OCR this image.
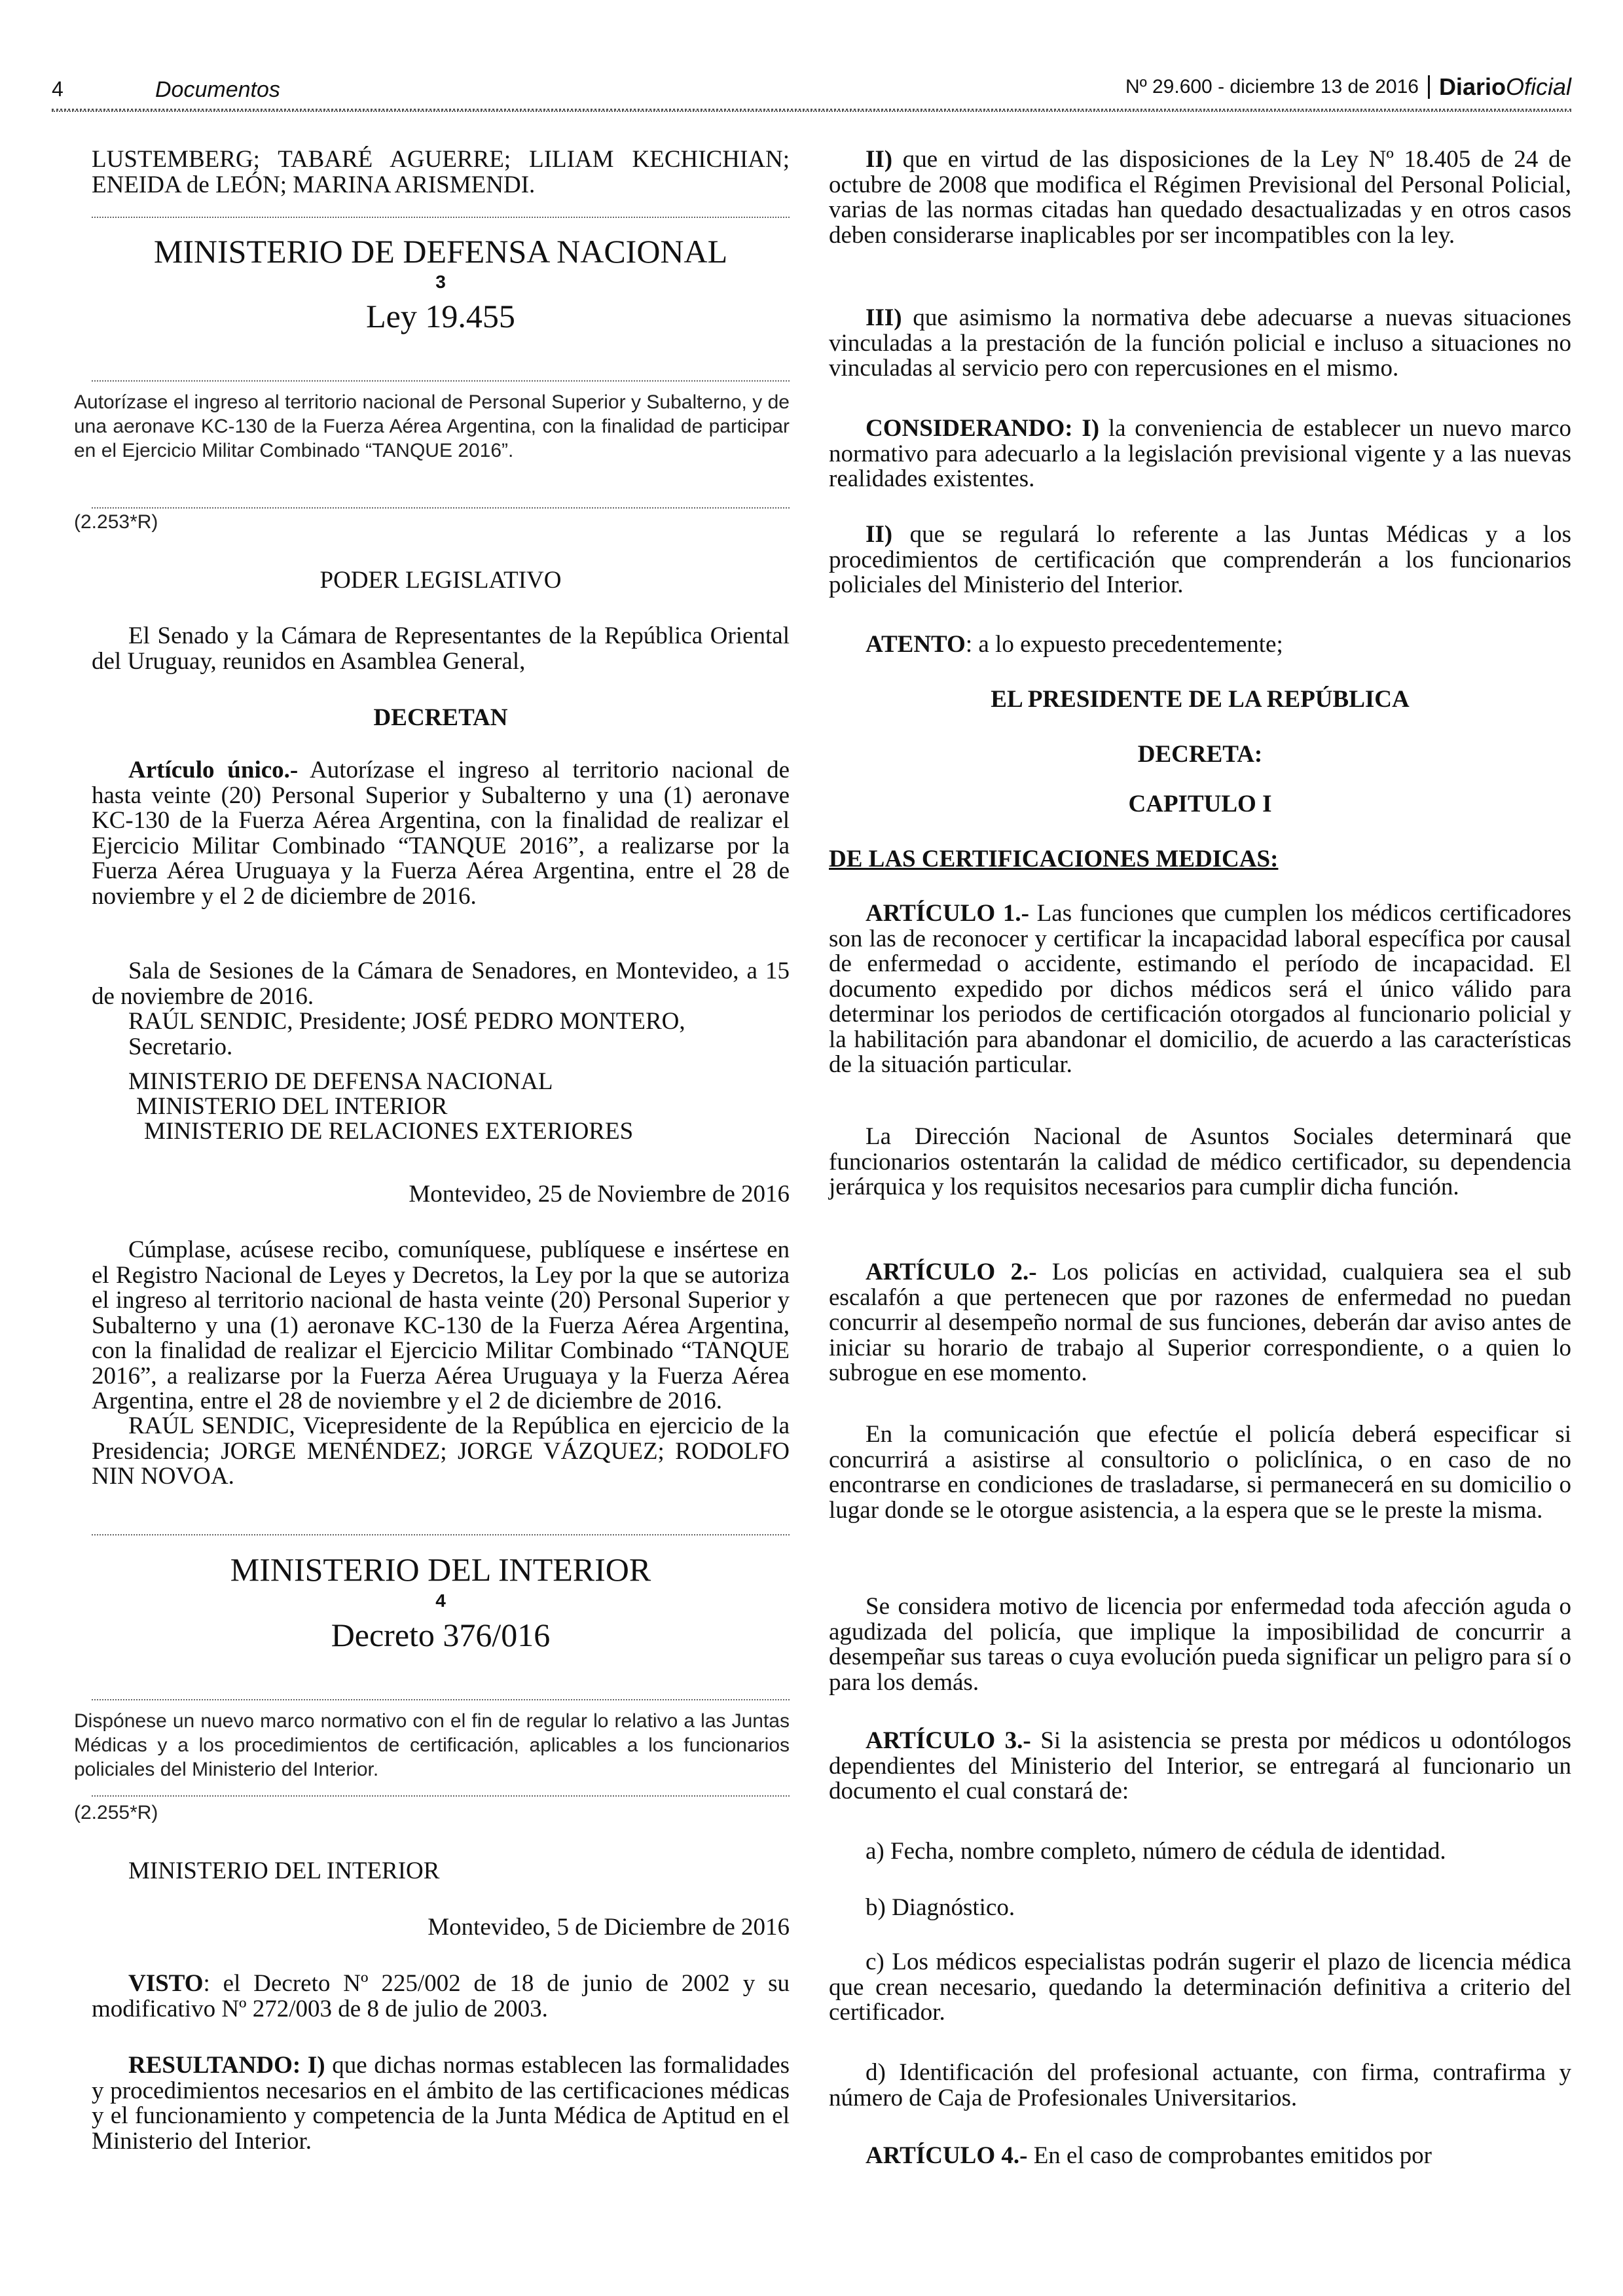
4	Documentos	Nº 29.600 - diciembre 13 de 2016 DiarioOficial
LUSTEMBERG; TABARÉ AGUERRE; LILIAM KECHICHIAN; ENEIDA de LEÓN; MARINA ARISMENDI.
MINISTERIO DE DEFENSA NACIONAL
3
Ley 19.455
Autorízase el ingreso al territorio nacional de Personal Superior y Subalterno, y de una aeronave KC-130 de la Fuerza Aérea Argentina, con la finalidad de participar en el Ejercicio Militar Combinado “TANQUE 2016”.
(2.253*R)
PODER LEGISLATIVO
El Senado y la Cámara de Representantes de la República Oriental del Uruguay, reunidos en Asamblea General,
DECRETAN
Artículo único.- Autorízase el ingreso al territorio nacional de hasta veinte (20) Personal Superior y Subalterno y una (1) aeronave KC-130 de la Fuerza Aérea Argentina, con la finalidad de realizar el Ejercicio Militar Combinado “TANQUE 2016”, a realizarse por la Fuerza Aérea Uruguaya y la Fuerza Aérea Argentina, entre el 28 de noviembre y el 2 de diciembre de 2016.
Sala de Sesiones de la Cámara de Senadores, en Montevideo, a 15 de noviembre de 2016.
RAÚL SENDIC, Presidente; JOSÉ PEDRO MONTERO, Secretario.
MINISTERIO DE DEFENSA NACIONAL
MINISTERIO DEL INTERIOR
MINISTERIO DE RELACIONES EXTERIORES
Montevideo, 25 de Noviembre de 2016
Cúmplase, acúsese recibo, comuníquese, publíquese e insértese en el Registro Nacional de Leyes y Decretos, la Ley por la que se autoriza el ingreso al territorio nacional de hasta veinte (20) Personal Superior y Subalterno y una (1) aeronave KC-130 de la Fuerza Aérea Argentina, con la finalidad de realizar el Ejercicio Militar Combinado “TANQUE 2016”, a realizarse por la Fuerza Aérea Uruguaya y la Fuerza Aérea Argentina, entre el 28 de noviembre y el 2 de diciembre de 2016.
RAÚL SENDIC, Vicepresidente de la República en ejercicio de la Presidencia; JORGE MENÉNDEZ; JORGE VÁZQUEZ; RODOLFO NIN NOVOA.
MINISTERIO DEL INTERIOR
4
Decreto 376/016
Dispónese un nuevo marco normativo con el fin de regular lo relativo a las Juntas Médicas y a los procedimientos de certificación, aplicables a los funcionarios policiales del Ministerio del Interior.
(2.255*R)
MINISTERIO DEL INTERIOR
Montevideo, 5 de Diciembre de 2016
VISTO: el Decreto Nº 225/002 de 18 de junio de 2002 y su modificativo Nº 272/003 de 8 de julio de 2003.
RESULTANDO: I) que dichas normas establecen las formalidades y procedimientos necesarios en el ámbito de las certificaciones médicas y el funcionamiento y competencia de la Junta Médica de Aptitud en el Ministerio del Interior.
II) que en virtud de las disposiciones de la Ley Nº 18.405 de 24 de octubre de 2008 que modifica el Régimen Previsional del Personal Policial, varias de las normas citadas han quedado desactualizadas y en otros casos deben considerarse inaplicables por ser incompatibles con la ley.
III) que asimismo la normativa debe adecuarse a nuevas situaciones vinculadas a la prestación de la función policial e incluso a situaciones no vinculadas al servicio pero con repercusiones en el mismo.
CONSIDERANDO: I) la conveniencia de establecer un nuevo marco normativo para adecuarlo a la legislación previsional vigente y a las nuevas realidades existentes.
II) que se regulará lo referente a las Juntas Médicas y a los procedimientos de certificación que comprenderán a los funcionarios policiales del Ministerio del Interior.
ATENTO: a lo expuesto precedentemente;
EL PRESIDENTE DE LA REPÚBLICA
DECRETA:
CAPITULO I
DE LAS CERTIFICACIONES MEDICAS:
ARTÍCULO 1.- Las funciones que cumplen los médicos certificadores son las de reconocer y certificar la incapacidad laboral específica por causal de enfermedad o accidente, estimando el período de incapacidad. El documento expedido por dichos médicos será el único válido para determinar los periodos de certificación otorgados al funcionario policial y la habilitación para abandonar el domicilio, de acuerdo a las características de la situación particular.
La Dirección Nacional de Asuntos Sociales determinará que funcionarios ostentarán la calidad de médico certificador, su dependencia jerárquica y los requisitos necesarios para cumplir dicha función.
ARTÍCULO 2.- Los policías en actividad, cualquiera sea el sub escalafón a que pertenecen que por razones de enfermedad no puedan concurrir al desempeño normal de sus funciones, deberán dar aviso antes de iniciar su horario de trabajo al Superior correspondiente, o a quien lo subrogue en ese momento.
En la comunicación que efectúe el policía deberá especificar si concurrirá a asistirse al consultorio o policlínica, o en caso de no encontrarse en condiciones de trasladarse, si permanecerá en su domicilio o lugar donde se le otorgue asistencia, a la espera que se le preste la misma.
Se considera motivo de licencia por enfermedad toda afección aguda o agudizada del policía, que implique la imposibilidad de concurrir a desempeñar sus tareas o cuya evolución pueda significar un peligro para sí o para los demás.
ARTÍCULO 3.- Si la asistencia se presta por médicos u odontólogos dependientes del Ministerio del Interior, se entregará al funcionario un documento el cual constará de:
a) Fecha, nombre completo, número de cédula de identidad.
b) Diagnóstico.
c) Los médicos especialistas podrán sugerir el plazo de licencia médica que crean necesario, quedando la determinación definitiva a criterio del certificador.
d) Identificación del profesional actuante, con firma, contrafirma y número de Caja de Profesionales Universitarios.
ARTÍCULO 4.- En el caso de comprobantes emitidos por
